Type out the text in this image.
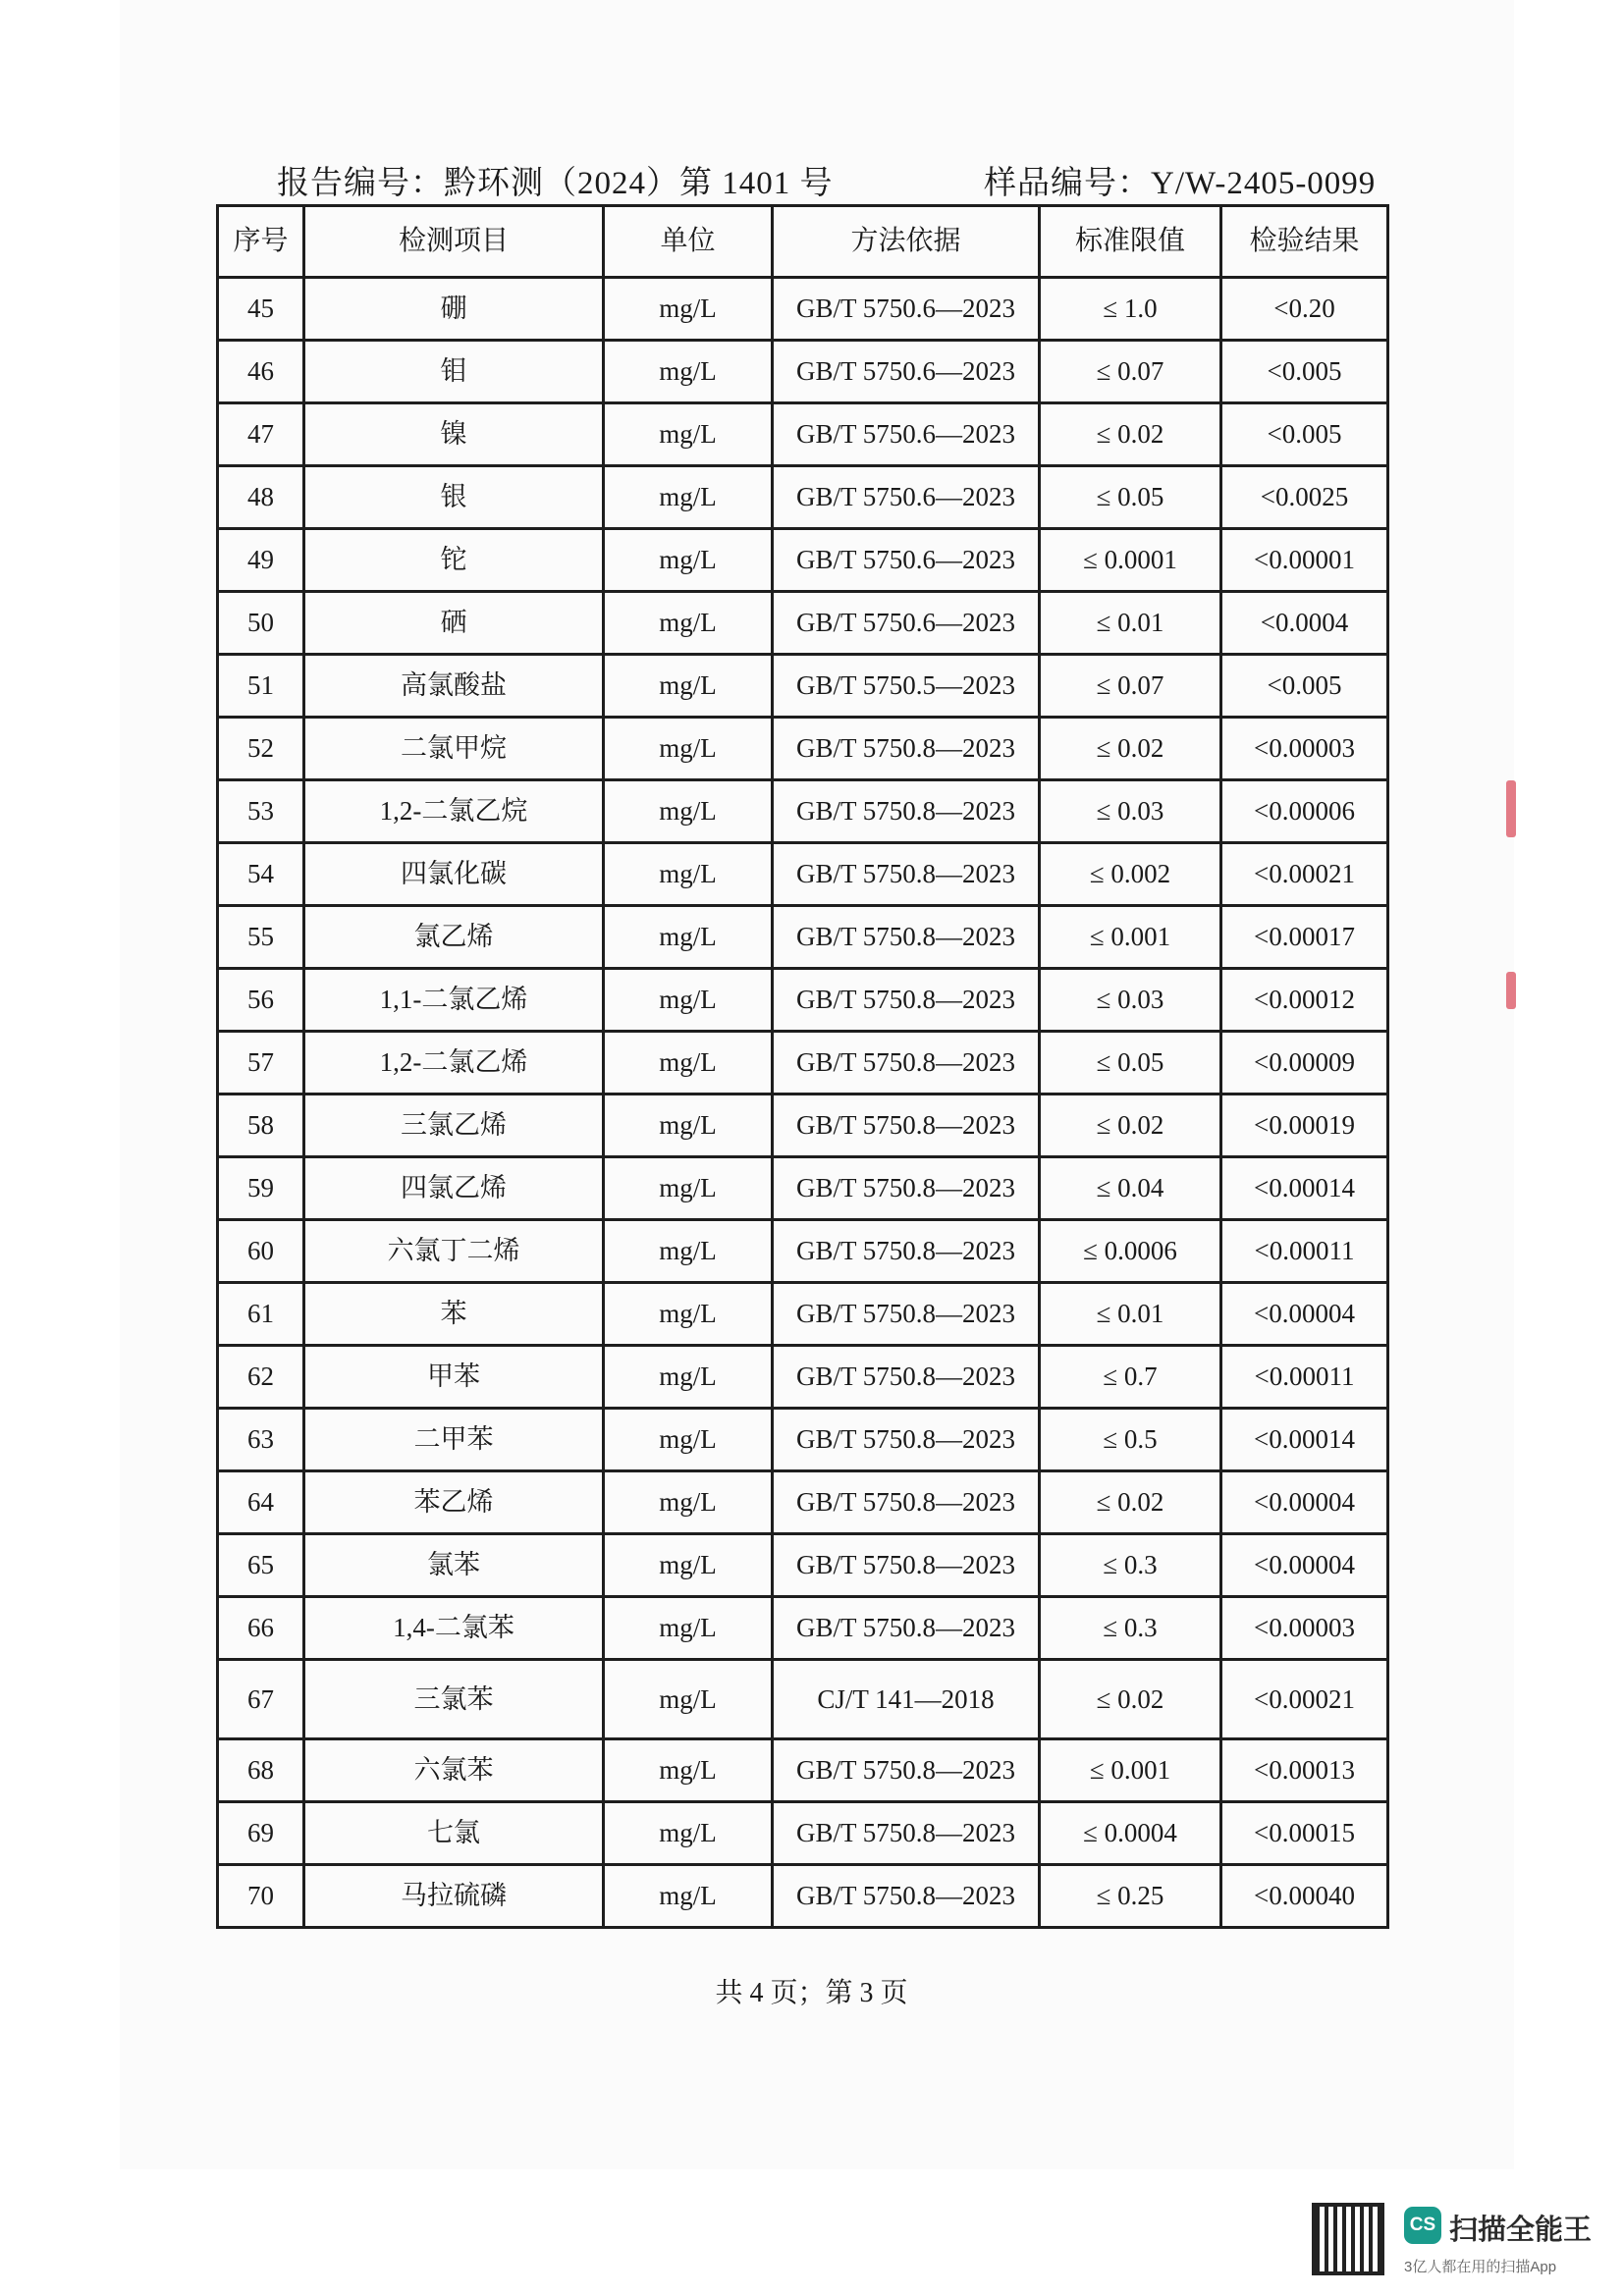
报告编号：黔环测（2024）第 1401 号	样品编号：Y/W-2405-0099
序号	检测项目	单位	方法依据	标准限值	检验结果
45	硼	mg/L	GB/T 5750.6—2023	≤ 1.0	<0.20
46	钼	mg/L	GB/T 5750.6—2023	≤ 0.07	<0.005
47	镍	mg/L	GB/T 5750.6—2023	≤ 0.02	<0.005
48	银	mg/L	GB/T 5750.6—2023	≤ 0.05	<0.0025
49	铊	mg/L	GB/T 5750.6—2023	≤ 0.0001	<0.00001
50	硒	mg/L	GB/T 5750.6—2023	≤ 0.01	<0.0004
51	高氯酸盐	mg/L	GB/T 5750.5—2023	≤ 0.07	<0.005
52	二氯甲烷	mg/L	GB/T 5750.8—2023	≤ 0.02	<0.00003
53	1,2-二氯乙烷	mg/L	GB/T 5750.8—2023	≤ 0.03	<0.00006
54	四氯化碳	mg/L	GB/T 5750.8—2023	≤ 0.002	<0.00021
55	氯乙烯	mg/L	GB/T 5750.8—2023	≤ 0.001	<0.00017
56	1,1-二氯乙烯	mg/L	GB/T 5750.8—2023	≤ 0.03	<0.00012
57	1,2-二氯乙烯	mg/L	GB/T 5750.8—2023	≤ 0.05	<0.00009
58	三氯乙烯	mg/L	GB/T 5750.8—2023	≤ 0.02	<0.00019
59	四氯乙烯	mg/L	GB/T 5750.8—2023	≤ 0.04	<0.00014
60	六氯丁二烯	mg/L	GB/T 5750.8—2023	≤ 0.0006	<0.00011
61	苯	mg/L	GB/T 5750.8—2023	≤ 0.01	<0.00004
62	甲苯	mg/L	GB/T 5750.8—2023	≤ 0.7	<0.00011
63	二甲苯	mg/L	GB/T 5750.8—2023	≤ 0.5	<0.00014
64	苯乙烯	mg/L	GB/T 5750.8—2023	≤ 0.02	<0.00004
65	氯苯	mg/L	GB/T 5750.8—2023	≤ 0.3	<0.00004
66	1,4-二氯苯	mg/L	GB/T 5750.8—2023	≤ 0.3	<0.00003
67	三氯苯	mg/L	CJ/T 141—2018	≤ 0.02	<0.00021
68	六氯苯	mg/L	GB/T 5750.8—2023	≤ 0.001	<0.00013
69	七氯	mg/L	GB/T 5750.8—2023	≤ 0.0004	<0.00015
70	马拉硫磷	mg/L	GB/T 5750.8—2023	≤ 0.25	<0.00040
共 4 页；第 3 页
CS 扫描全能王
3亿人都在用的扫描App
